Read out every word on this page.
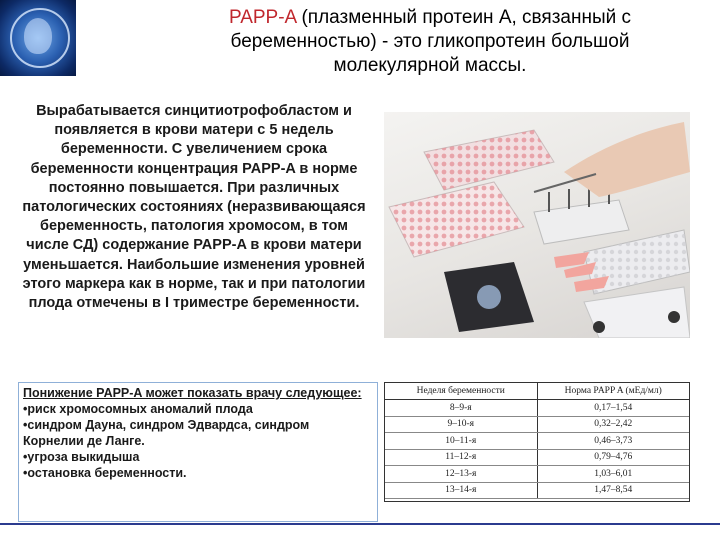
PAPP-A (плазменный протеин А, связанный с
беременностью) - это гликопротеин большой
молекулярной массы.
Вырабатывается синцитиотрофобластом и появляется в крови матери с 5 недель беременности. С увеличением срока беременности концентрация PAPP-A в норме постоянно повышается. При различных патологических состояниях (неразвивающаяся беременность, патология хромосом, в том числе СД) содержание PAPP-A в крови матери уменьшается. Наибольшие изменения уровней этого маркера как в норме, так и при патологии плода отмечены в I триместре беременности.
Понижение PAPP-A может показать врачу следующее:
• риск хромосомных аномалий плода
• синдром Дауна, синдром Эдвардса, синдром Корнелии де Ланге.
• угроза выкидыша
• остановка беременности.
Неделя беременности	Норма PAPP A (мЕд/мл)
8–9-я	0,17–1,54
9–10-я	0,32–2,42
10–11-я	0,46–3,73
11–12-я	0,79–4,76
12–13-я	1,03–6,01
13–14-я	1,47–8,54
